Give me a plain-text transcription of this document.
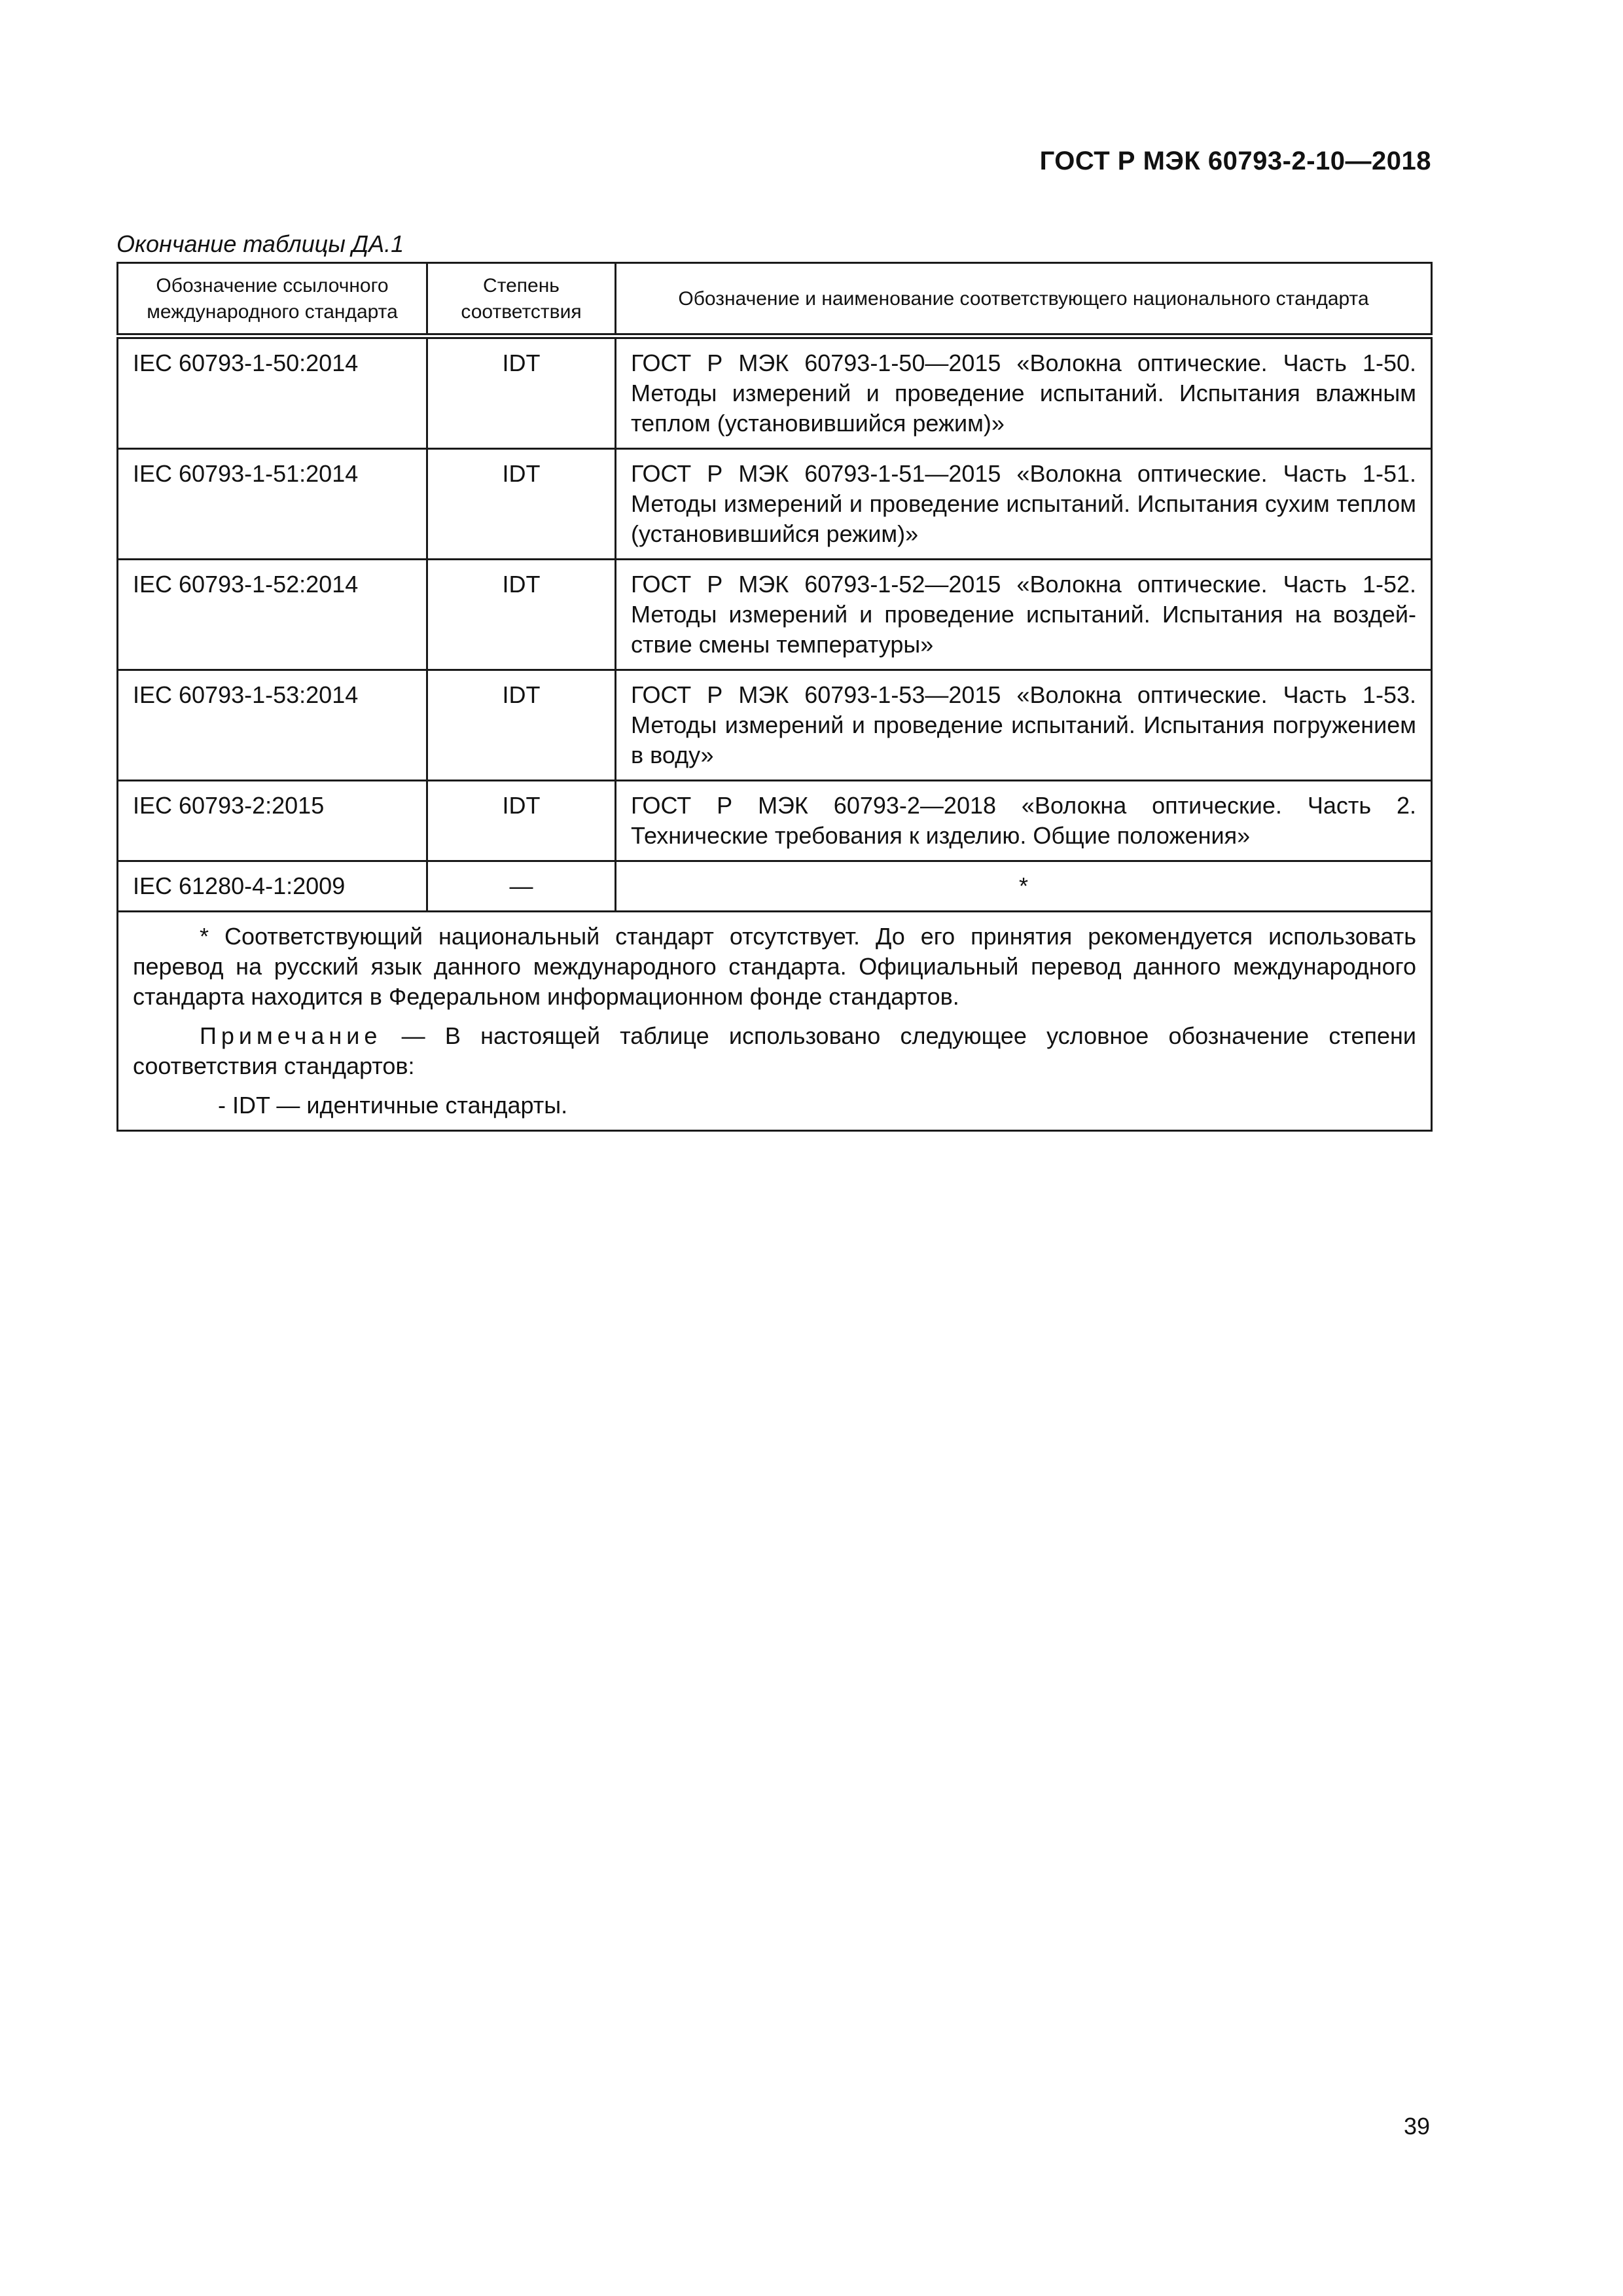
ГОСТ Р МЭК 60793-2-10—2018
Окончание таблицы ДА.1
Обозначение ссылочного международного стандарта	Степень соответствия	Обозначение и наименование соответствующего национального стандарта
IEC 60793-1-50:2014	IDT	ГОСТ Р МЭК 60793-1-50—2015 «Волокна оптические. Часть 1-50. Методы измерений и проведение испытаний. Испытания влажным теплом (установившийся режим)»
IEC 60793-1-51:2014	IDT	ГОСТ Р МЭК 60793-1-51—2015 «Волокна оптические. Часть 1-51. Методы измерений и проведение испытаний. Испытания сухим теплом (установившийся режим)»
IEC 60793-1-52:2014	IDT	ГОСТ Р МЭК 60793-1-52—2015 «Волокна оптические. Часть 1-52. Методы измерений и проведение испытаний. Испытания на воздействие смены температуры»
IEC 60793-1-53:2014	IDT	ГОСТ Р МЭК 60793-1-53—2015 «Волокна оптические. Часть 1-53. Методы измерений и проведение испытаний. Испытания погружением в воду»
IEC 60793-2:2015	IDT	ГОСТ Р МЭК 60793-2—2018 «Волокна оптические. Часть 2. Технические требования к изделию. Общие положения»
IEC 61280-4-1:2009	—	*

* Соответствующий национальный стандарт отсутствует. До его принятия рекомендуется использовать перевод на русский язык данного международного стандарта. Официальный перевод данного международного стандарта находится в Федеральном информационном фонде стандартов.

Примечание — В настоящей таблице использовано следующее условное обозначение степени соответствия стандартов:

- IDT — идентичные стандарты.		

39
